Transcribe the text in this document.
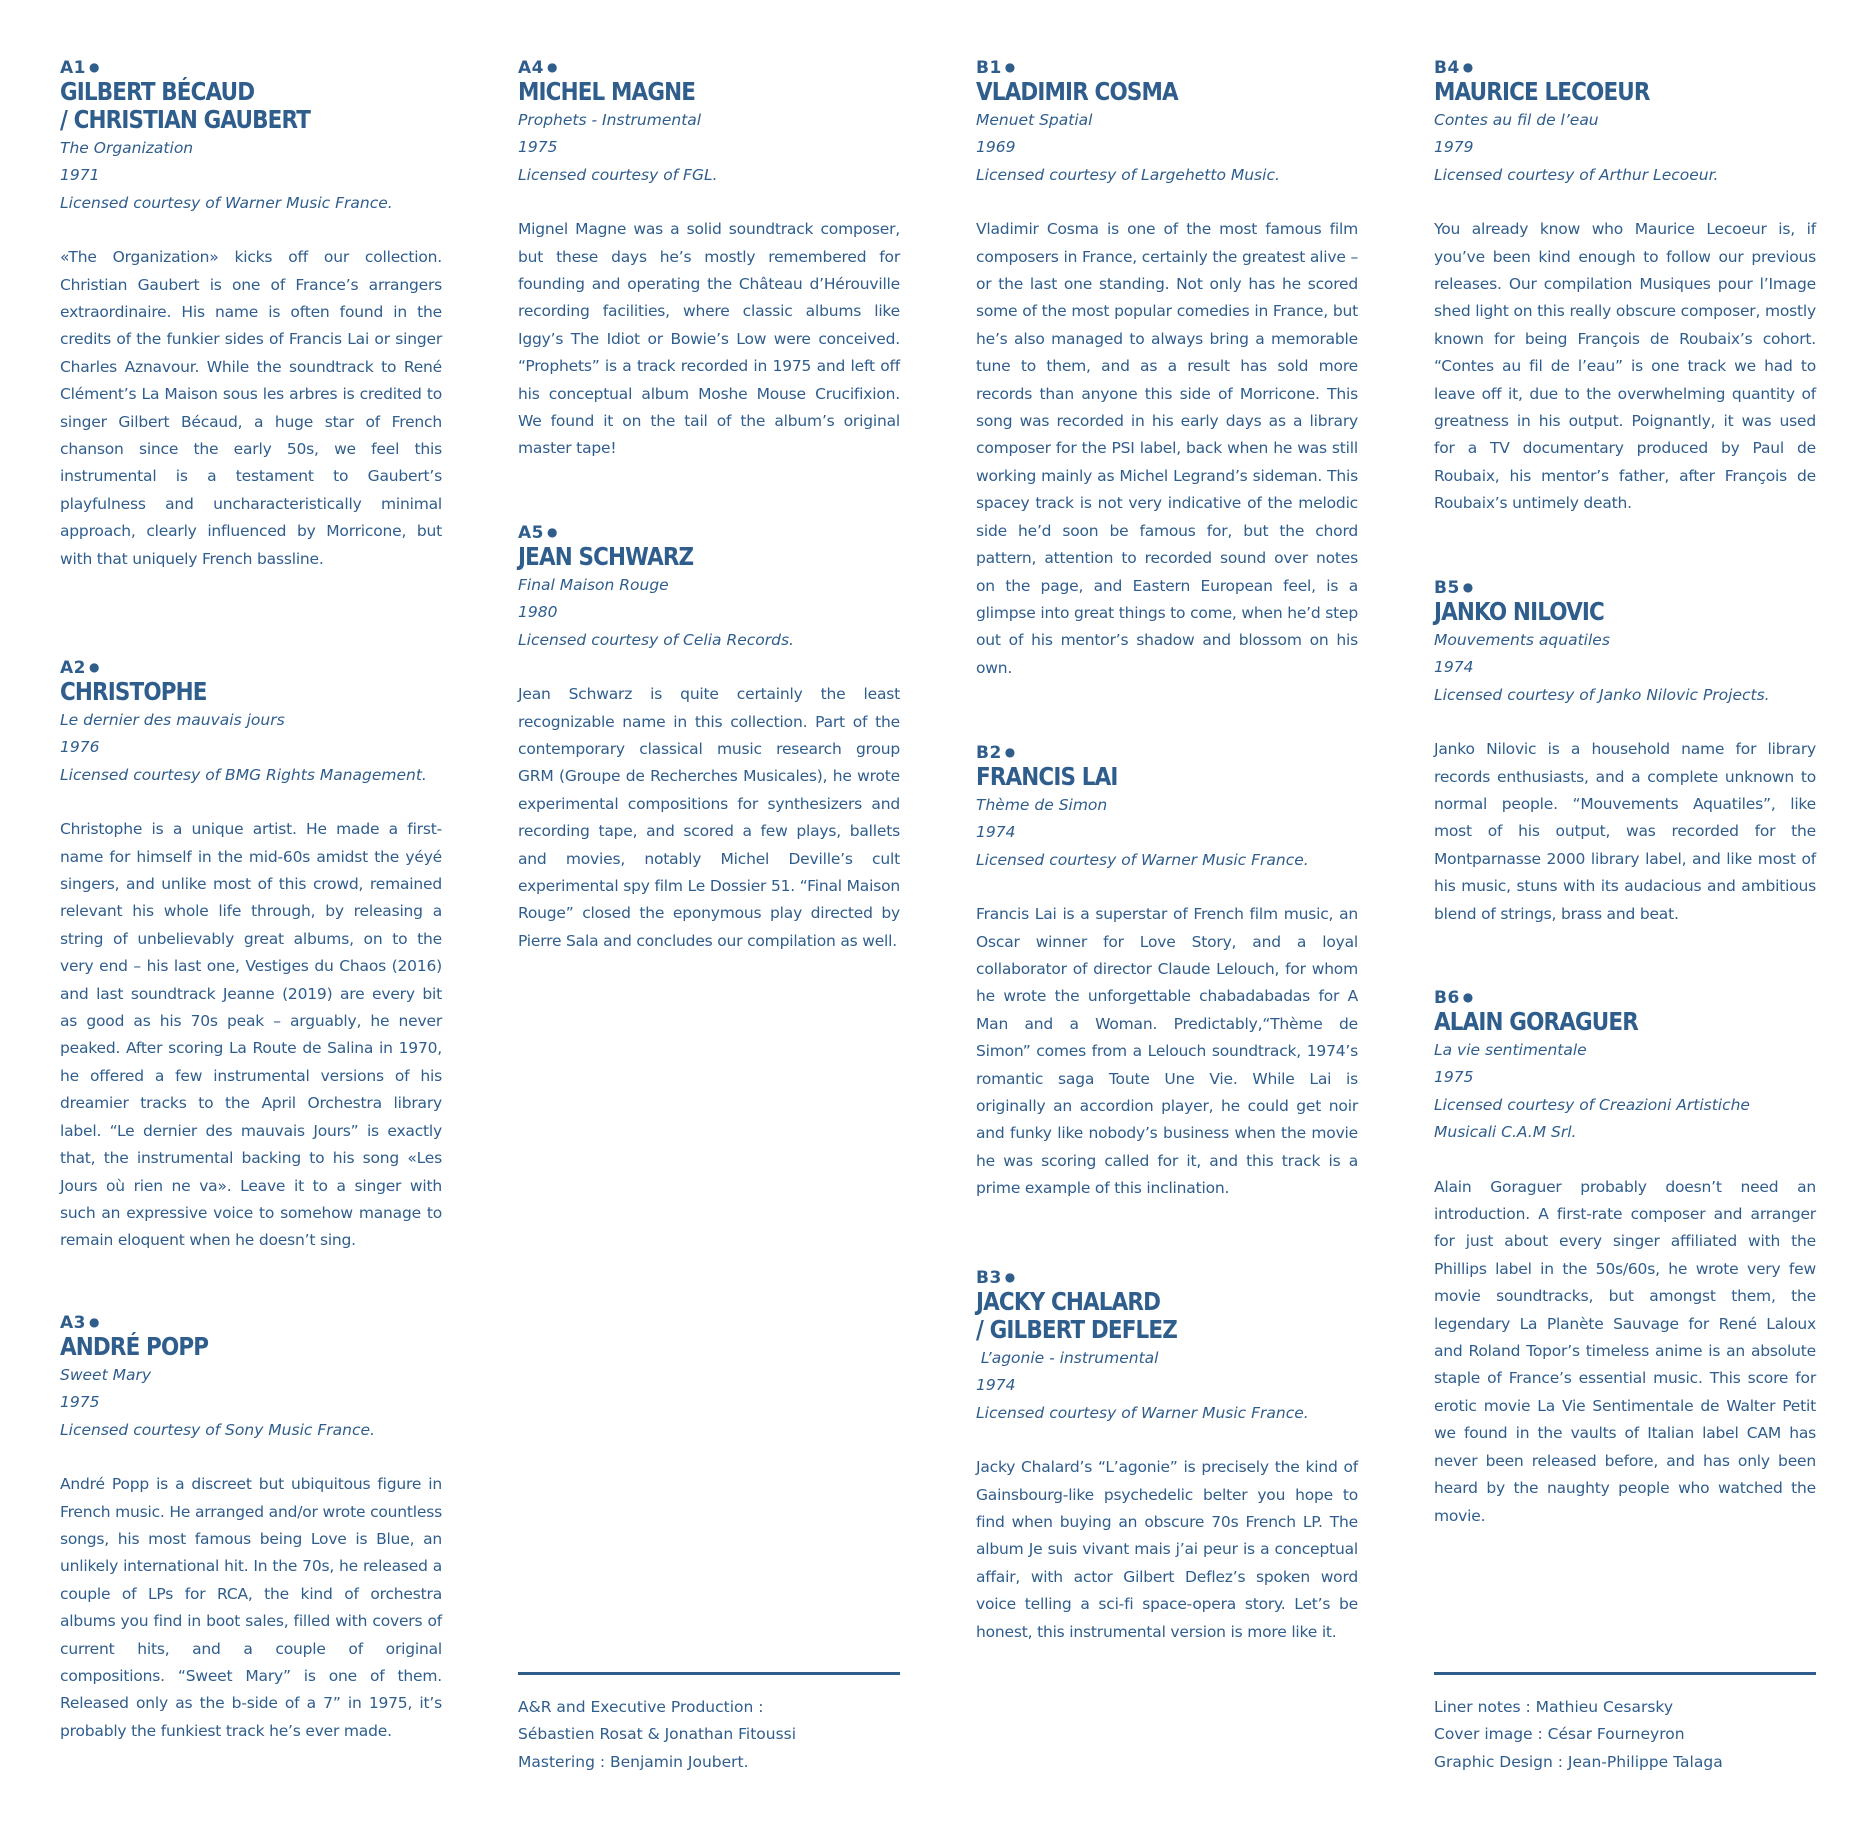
A1 ●
GILBERT BÉCAUD
/ CHRISTIAN GAUBERT
The Organization
1971
Licensed courtesy of Warner Music France.
«The Organization» kicks off our collection. Christian Gaubert is one of France’s arrangers extraordinaire. His name is often found in the credits of the funkier sides of Francis Lai or singer Charles Aznavour. While the soundtrack to René Clément’s La Maison sous les arbres is credited to singer Gilbert Bécaud, a huge star of French chanson since the early 50s, we feel this instrumental is a testament to Gaubert’s playfulness and uncharacteristically minimal approach, clearly influenced by Morricone, but with that uniquely French bassline.
A2 ●
CHRISTOPHE
Le dernier des mauvais jours
1976
Licensed courtesy of BMG Rights Management.
Christophe is a unique artist. He made a first-name for himself in the mid-60s amidst the yéyé singers, and unlike most of this crowd, remained relevant his whole life through, by releasing a string of unbelievably great albums, on to the very end – his last one, Vestiges du Chaos (2016) and last soundtrack Jeanne (2019) are every bit as good as his 70s peak – arguably, he never peaked. After scoring La Route de Salina in 1970, he offered a few instrumental versions of his dreamier tracks to the April Orchestra library label. “Le dernier des mauvais Jours” is exactly that, the instrumental backing to his song «Les Jours où rien ne va». Leave it to a singer with such an expressive voice to somehow manage to remain eloquent when he doesn’t sing.
A3 ●
ANDRÉ POPP
Sweet Mary
1975
Licensed courtesy of Sony Music France.
André Popp is a discreet but ubiquitous figure in French music. He arranged and/or wrote countless songs, his most famous being Love is Blue, an unlikely international hit. In the 70s, he released a couple of LPs for RCA, the kind of orchestra albums you find in boot sales, filled with covers of current hits, and a couple of original compositions. “Sweet Mary” is one of them. Released only as the b-side of a 7” in 1975, it’s probably the funkiest track he’s ever made.
A4 ●
MICHEL MAGNE
Prophets - Instrumental
1975
Licensed courtesy of FGL.
Mignel Magne was a solid soundtrack composer, but these days he’s mostly remembered for founding and operating the Château d’Hérouville recording facilities, where classic albums like Iggy’s The Idiot or Bowie’s Low were conceived. “Prophets” is a track recorded in 1975 and left off his conceptual album Moshe Mouse Crucifixion. We found it on the tail of the album’s original master tape!
A5 ●
JEAN SCHWARZ
Final Maison Rouge
1980
Licensed courtesy of Celia Records.
Jean Schwarz is quite certainly the least recognizable name in this collection. Part of the contemporary classical music research group GRM (Groupe de Recherches Musicales), he wrote experimental compositions for synthesizers and recording tape, and scored a few plays, ballets and movies, notably Michel Deville’s cult experimental spy film Le Dossier 51. “Final Maison Rouge” closed the eponymous play directed by Pierre Sala and concludes our compilation as well.
B1 ●
VLADIMIR COSMA
Menuet Spatial
1969
Licensed courtesy of Largehetto Music.
Vladimir Cosma is one of the most famous film composers in France, certainly the greatest alive – or the last one standing. Not only has he scored some of the most popular comedies in France, but he’s also managed to always bring a memorable tune to them, and as a result has sold more records than anyone this side of Morricone. This song was recorded in his early days as a library composer for the PSI label, back when he was still working mainly as Michel Legrand’s sideman. This spacey track is not very indicative of the melodic side he’d soon be famous for, but the chord pattern, attention to recorded sound over notes on the page, and Eastern European feel, is a glimpse into great things to come, when he’d step out of his mentor’s shadow and blossom on his own.
B2 ●
FRANCIS LAI
Thème de Simon
1974
Licensed courtesy of Warner Music France.
Francis Lai is a superstar of French film music, an Oscar winner for Love Story, and a loyal collaborator of director Claude Lelouch, for whom he wrote the unforgettable chabadabadas for A Man and a Woman. Predictably,“Thème de Simon” comes from a Lelouch soundtrack, 1974’s romantic saga Toute Une Vie. While Lai is originally an accordion player, he could get noir and funky like nobody’s business when the movie he was scoring called for it, and this track is a prime example of this inclination.
B3 ●
JACKY CHALARD
/ GILBERT DEFLEZ
L’agonie - instrumental
1974
Licensed courtesy of Warner Music France.
Jacky Chalard’s “L’agonie” is precisely the kind of Gainsbourg-like psychedelic belter you hope to find when buying an obscure 70s French LP. The album Je suis vivant mais j’ai peur is a conceptual affair, with actor Gilbert Deflez’s spoken word voice telling a sci-fi space-opera story. Let’s be honest, this instrumental version is more like it.
B4 ●
MAURICE LECOEUR
Contes au fil de l’eau
1979
Licensed courtesy of Arthur Lecoeur.
You already know who Maurice Lecoeur is, if you’ve been kind enough to follow our previous releases. Our compilation Musiques pour l’Image shed light on this really obscure composer, mostly known for being François de Roubaix’s cohort. “Contes au fil de l’eau” is one track we had to leave off it, due to the overwhelming quantity of greatness in his output. Poignantly, it was used for a TV documentary produced by Paul de Roubaix, his mentor’s father, after François de Roubaix’s untimely death.
B5 ●
JANKO NILOVIC
Mouvements aquatiles
1974
Licensed courtesy of Janko Nilovic Projects.
Janko Nilovic is a household name for library records enthusiasts, and a complete unknown to normal people. “Mouvements Aquatiles”, like most of his output, was recorded for the Montparnasse 2000 library label, and like most of his music, stuns with its audacious and ambitious blend of strings, brass and beat.
B6 ●
ALAIN GORAGUER
La vie sentimentale
1975
Licensed courtesy of Creazioni Artistiche Musicali C.A.M Srl.
Alain Goraguer probably doesn’t need an introduction. A first-rate composer and arranger for just about every singer affiliated with the Phillips label in the 50s/60s, he wrote very few movie soundtracks, but amongst them, the legendary La Planète Sauvage for René Laloux and Roland Topor’s timeless anime is an absolute staple of France’s essential music. This score for erotic movie La Vie Sentimentale de Walter Petit we found in the vaults of Italian label CAM has never been released before, and has only been heard by the naughty people who watched the movie.
A&R and Executive Production :
Sébastien Rosat & Jonathan Fitoussi
Mastering : Benjamin Joubert.
Liner notes : Mathieu Cesarsky
Cover image : César Fourneyron
Graphic Design : Jean-Philippe Talaga
